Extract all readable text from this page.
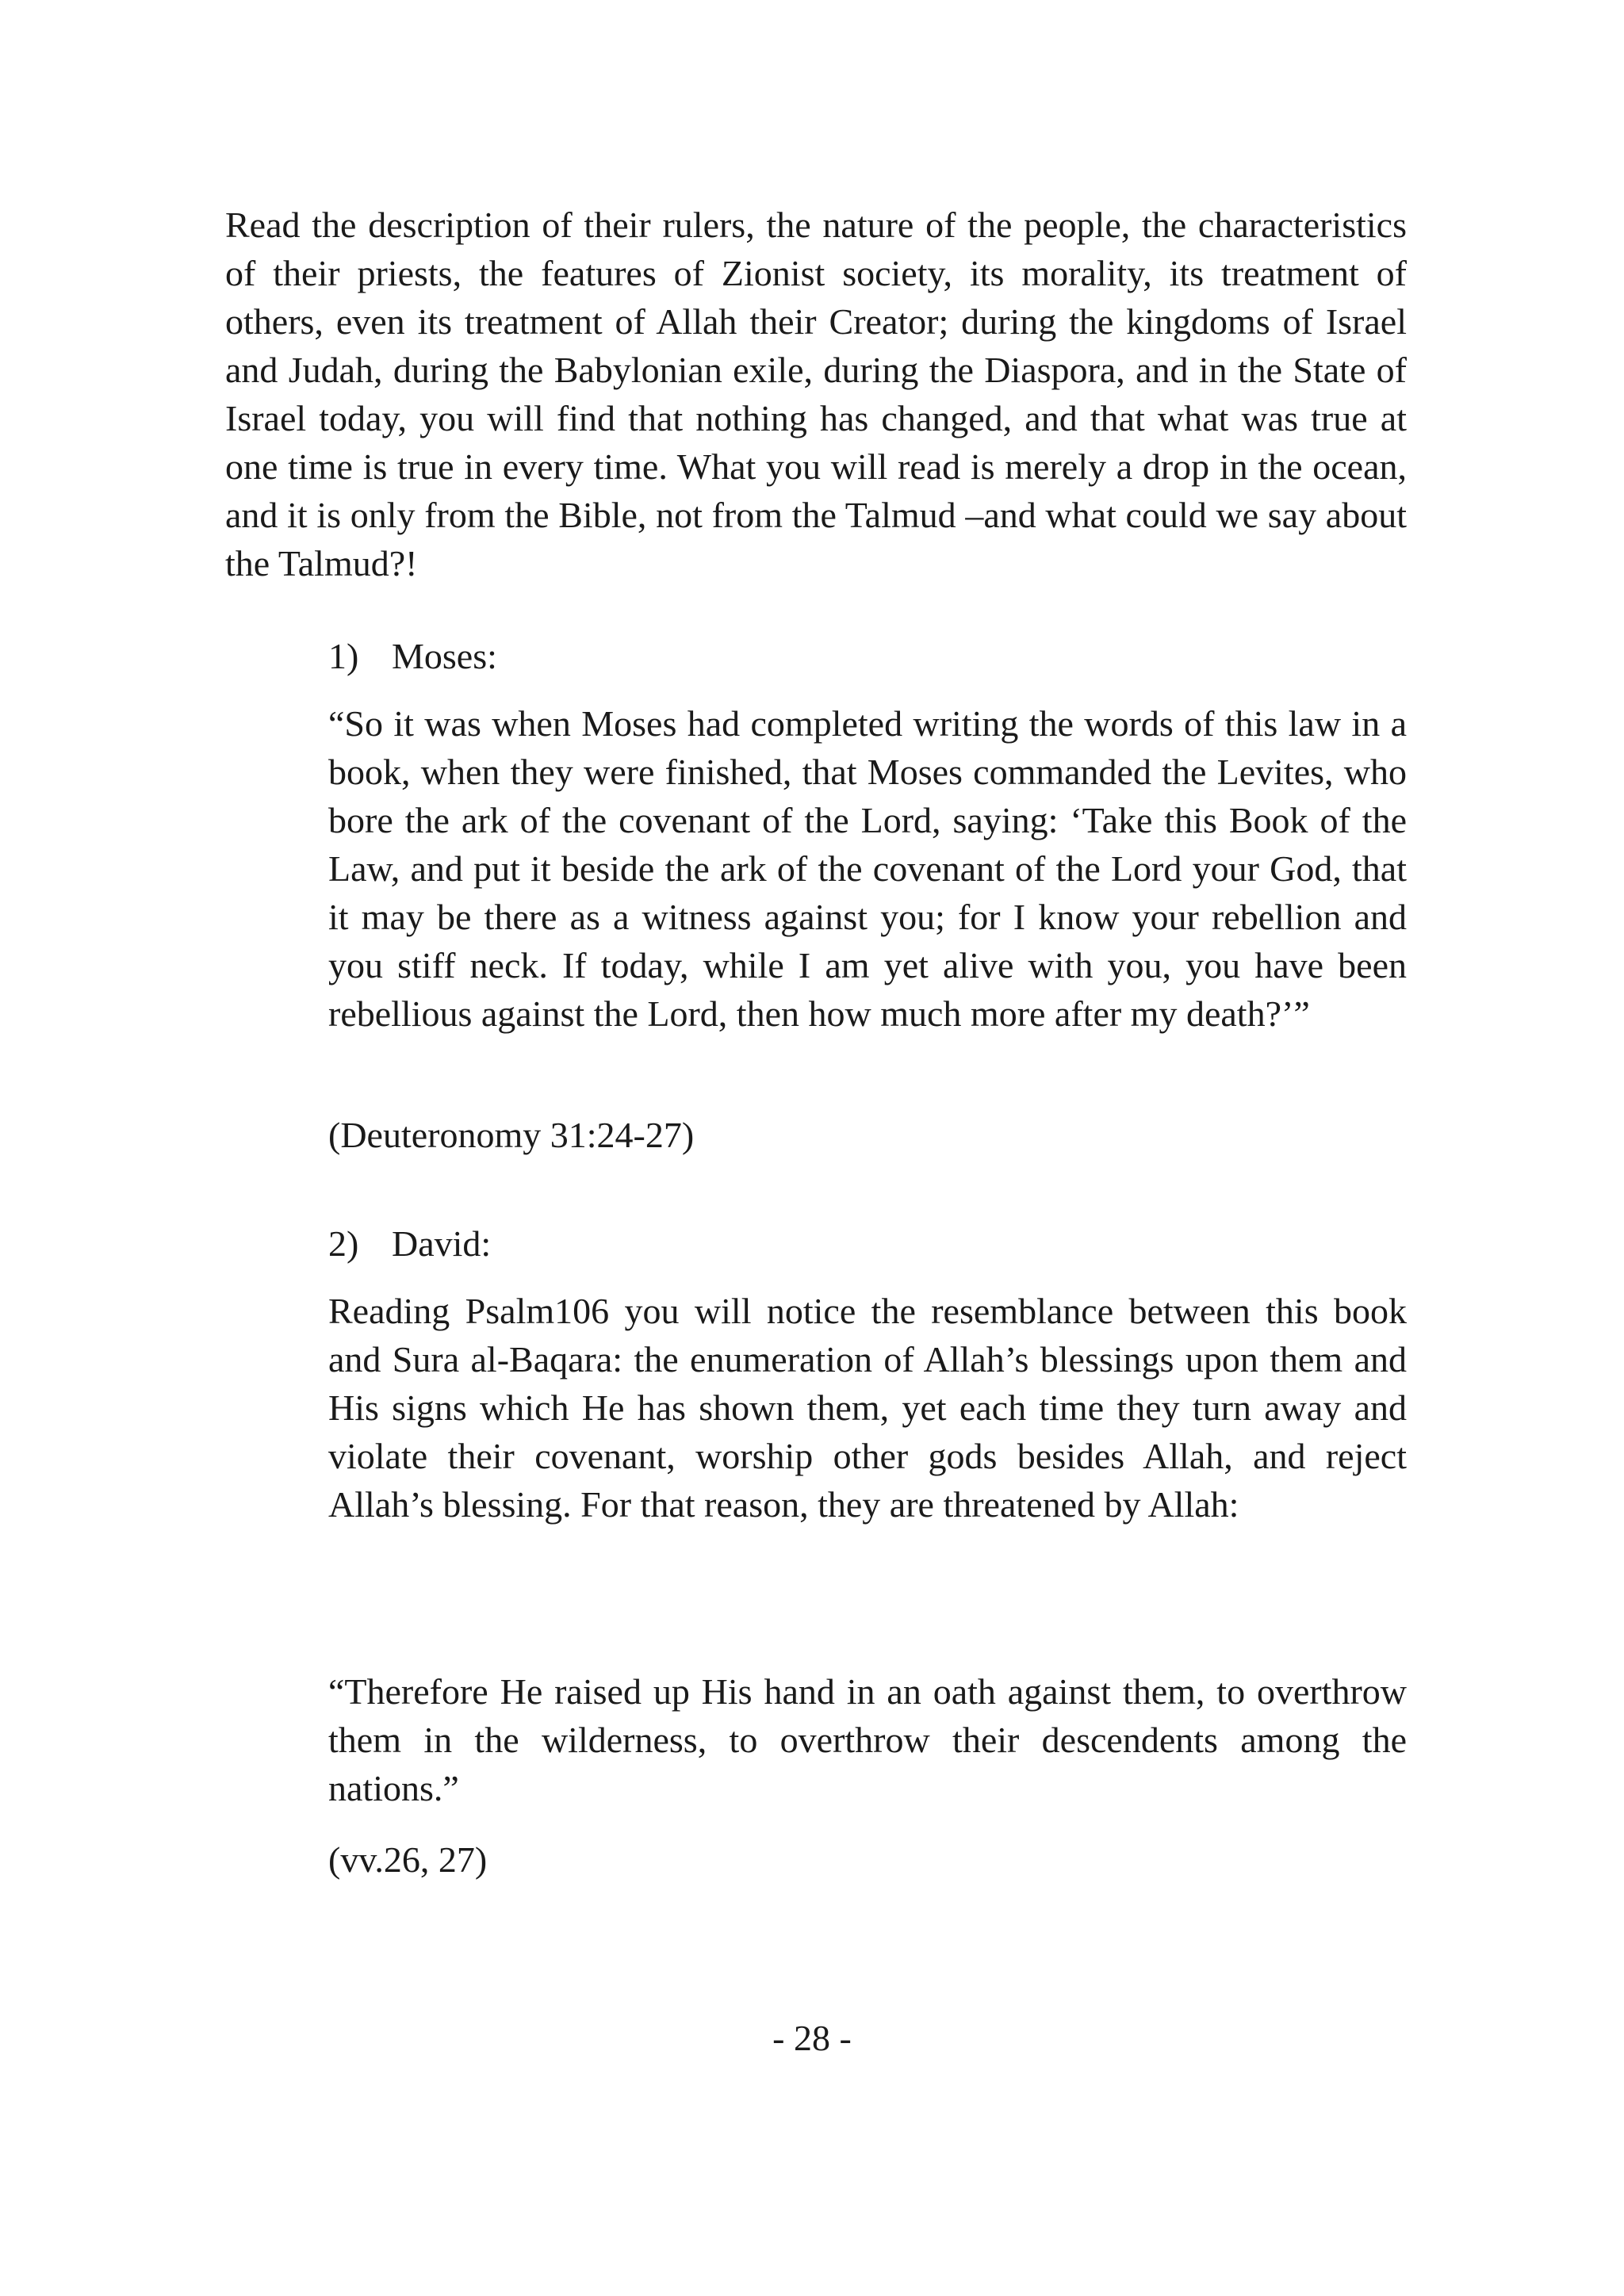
Read the description of their rulers, the nature of the people, the characteristics of their priests, the features of Zionist society, its morality, its treatment of others, even its treatment of Allah their Creator; during the kingdoms of Israel and Judah, during the Babylonian exile, during the Diaspora, and in the State of Israel today, you will find that nothing has changed, and that what was true at one time is true in every time. What you will read is merely a drop in the ocean, and it is only from the Bible, not from the Talmud –and what could we say about the Talmud?!

1) Moses:

“So it was when Moses had completed writing the words of this law in a book, when they were finished, that Moses commanded the Levites, who bore the ark of the covenant of the Lord, saying: ‘Take this Book of the Law, and put it beside the ark of the covenant of the Lord your God, that it may be there as a witness against you; for I know your rebellion and you stiff neck. If today, while I am yet alive with you, you have been rebellious against the Lord, then how much more after my death?’”

(Deuteronomy 31:24-27)

2) David:

Reading Psalm106 you will notice the resemblance between this book and Sura al-Baqara: the enumeration of Allah’s blessings upon them and His signs which He has shown them, yet each time they turn away and violate their covenant, worship other gods besides Allah, and reject Allah’s blessing. For that reason, they are threatened by Allah:

“Therefore He raised up His hand in an oath against them, to overthrow them in the wilderness, to overthrow their descendents among the nations.”

(vv.26, 27)

- 28 -
